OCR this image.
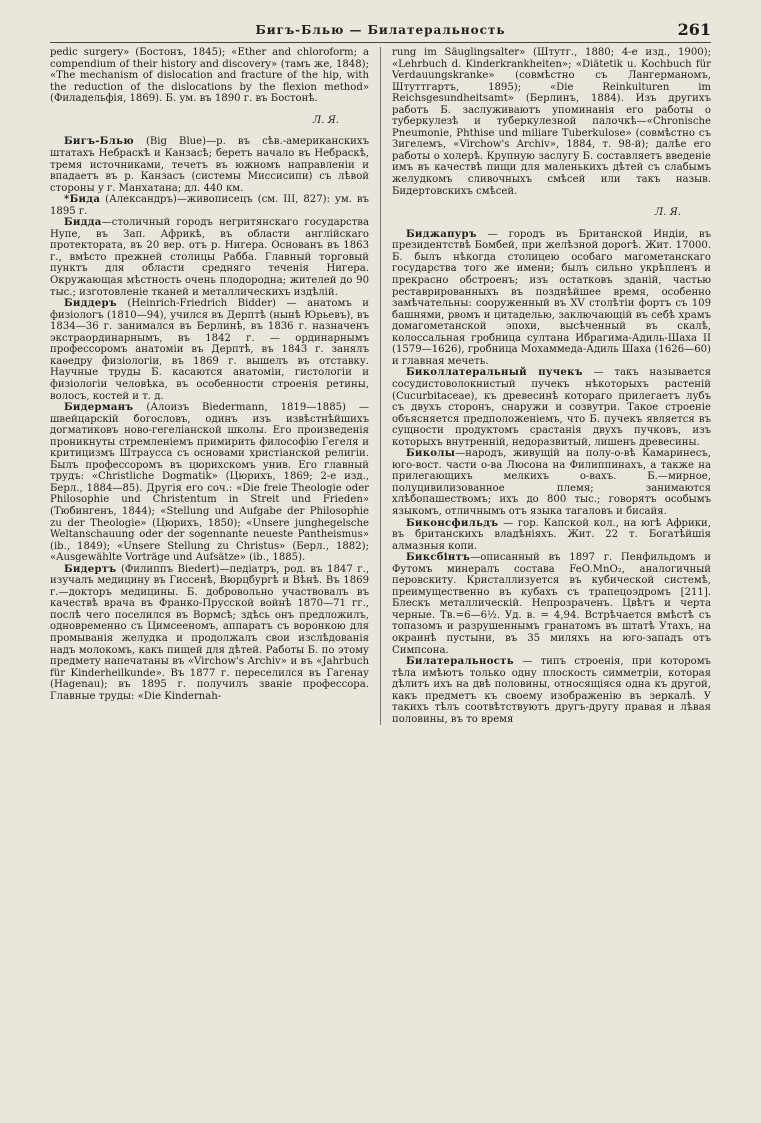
Бигъ-Блью — Билатеральность	261

pedic surgery» (Бостонъ, 1845); «Ether and chloroform; a compendium of their history and discovery» (тамъ же, 1848); «The mechanism of dislocation and fracture of the hip, with the reduction of the dislocations by the flexion method» (Филадельфія, 1869). Б. ум. въ 1890 г. въ Бостонѣ.

Л. Я.

Бигъ-Блью (Big Blue)—р. въ сѣв.-американскихъ штатахъ Небраскѣ и Канзасѣ; беретъ начало въ Небраскѣ, тремя источниками, течетъ въ южномъ направленіи и впадаетъ въ р. Канзасъ (системы Миссисипи) съ лѣвой стороны у г. Манхатана; дл. 440 км.

*Бида (Александръ)—живописецъ (см. III, 827): ум. въ 1895 г.

Бидда—столичный городъ негритянскаго государства Нупе, въ Зап. Африкѣ, въ области англійскаго протектората, въ 20 вер. отъ р. Нигера. Основанъ въ 1863 г., вмѣсто прежней столицы Рабба. Главный торговый пунктъ для области средняго теченія Нигера. Окружающая мѣстность очень плодородна; жителей до 90 тыс.; изготовленіе тканей и металлическихъ издѣлій.

Биддеръ (Heinrich-Friedrich Bidder) — анатомъ и физіологъ (1810—94), учился въ Дерптѣ (нынѣ Юрьевъ), въ 1834—36 г. занимался въ Берлинѣ, въ 1836 г. назначенъ экстраординарнымъ, въ 1842 г. — ординарнымъ профессоромъ анатоміи въ Дерптѣ, въ 1843 г. занялъ каѳедру физіологіи, въ 1869 г. вышелъ въ отставку. Научные труды Б. касаются анатоміи, гистологіи и физіологіи человѣка, въ особенности строенія ретины, волосъ, костей и т. д.

Бидерманъ (Алоизъ Biedermann, 1819—1885) — швейцарскій богословъ, одинъ изъ извѣстнѣйшихъ догматиковъ ново-гегеліанской школы. Его произведенія проникнуты стремленіемъ примирить философію Гегеля и критицизмъ Штраусса съ основами христіанской религіи. Былъ профессоромъ въ цюрихскомъ унив. Его главный трудъ: «Christliche Dogmatik» (Цюрихъ, 1869; 2-е изд., Берл., 1884—85). Другія его соч.: «Die freie Theologie oder Philosophie und Christentum in Streit und Frieden» (Тюбингенъ, 1844); «Stellung und Aufgabe der Philosophie zu der Theologie» (Цюрихъ, 1850); «Unsere junghegelsche Weltanschauung oder der sogennante neueste Pantheismus» (ib., 1849); «Unsere Stellung zu Christus» (Берл., 1882); «Ausgewählte Vorträge und Aufsätze» (ib., 1885).

Бидертъ (Филиппъ Biedert)—педіатръ, род. въ 1847 г., изучалъ медицину въ Гиссенѣ, Вюрцбургѣ и Вѣнѣ. Въ 1869 г.—докторъ медицины. Б. добровольно участвовалъ въ качествѣ врача въ Франко-Прусской войнѣ 1870—71 гг., послѣ чего поселился въ Вормсѣ; здѣсь онъ предложилъ, одновременно съ Цимсееномъ, аппаратъ съ воронкою для промыванія желудка и продолжалъ свои изслѣдованія надъ молокомъ, какъ пищей для дѣтей. Работы Б. по этому предмету напечатаны въ «Virchow's Archiv» и въ «Jahrbuch für Kinderheilkunde». Въ 1877 г. переселился въ Гагенау (Hagenau); въ 1895 г. получилъ званіе профессора. Главные труды: «Die Kindernah-

rung im Säuglingsalter» (Штутг., 1880; 4-е изд., 1900); «Lehrbuch d. Kinderkrankheiten»; «Diätetik u. Kochbuch für Verdauungskranke» (совмѣстно съ Лангерманомъ, Штуттгартъ, 1895); «Die Reinkulturen im Reichsgesundheitsamt» (Берлинъ, 1884). Изъ другихъ работъ Б. заслуживаютъ упоминанія его работы о туберкулезѣ и туберкулезной палочкѣ—«Chronische Pneumonie, Phthise und miliare Tuberkulose» (совмѣстно съ Зигелемъ, «Virchow's Archiv», 1884, т. 98-й); далѣе его работы о холерѣ. Крупную заслугу Б. составляетъ введеніе имъ въ качествѣ пищи для маленькихъ дѣтей съ слабымъ желудкомъ сливочныхъ смѣсей или такъ назыв. Бидертовскихъ смѣсей.

Л. Я.

Биджапуръ — городъ въ Британской Индіи, въ президентствѣ Бомбей, при желѣзной дорогѣ. Жит. 17000. Б. былъ нѣкогда столицею особаго магометанскаго государства того же имени; былъ сильно укрѣпленъ и прекрасно обстроенъ; изъ остатковъ зданій, частью реставрированныхъ въ позднѣйшее время, особенно замѣчательны: сооруженный въ XV столѣтіи фортъ съ 109 башнями, рвомъ и цитаделью, заключающій въ себѣ храмъ домагометанской эпохи, высѣченный въ скалѣ, колоссальная гробница султана Ибрагима-Адиль-Шаха II (1579—1626), гробница Мохаммеда-Адиль Шаха (1626—60) и главная мечеть.

Биколлатеральный пучекъ — такъ называется сосудистоволокнистый пучекъ нѣкоторыхъ растеній (Cucurbitaceae), къ древесинѣ котораго прилегаетъ лубъ съ двухъ сторонъ, снаружи и созвутри. Такое строеніе объясняется предположеніемъ, что Б. пучекъ является въ сущности продуктомъ срастанія двухъ пучковъ, изъ которыхъ внутренній, недоразвитый, лишенъ древесины.

Биколы—народъ, живущій на полу-о-вѣ Камаринесъ, юго-вост. части о-ва Люсона на Филиппинахъ, а также на прилегающихъ мелкихъ о-вахъ. Б.—мирное, полуцивилизованное племя; занимаются хлѣбопашествомъ; ихъ до 800 тыс.; говорятъ особымъ языкомъ, отличнымъ отъ языка тагаловъ и бисайя.

Биконсфильдъ — гор. Капской кол., на югѣ Африки, въ британскихъ владѣніяхъ. Жит. 22 т. Богатѣйшія алмазныя копи.

Биксбінтъ—описанный въ 1897 г. Пенфильдомъ и Футомъ минералъ состава FeO.MnO₂, аналогичный перовскиту. Кристаллизуется въ кубической системѣ, преимущественно въ кубахъ съ трапецоэдромъ [211]. Блескъ металлическій. Непрозраченъ. Цвѣтъ и черта черные. Тв.=6—6½. Уд. в. = 4,94. Встрѣчается вмѣстѣ съ топазомъ и разрушеннымъ гранатомъ въ штатѣ Утахъ, на окраинѣ пустыни, въ 35 миляхъ на юго-западъ отъ Симпсона.

Билатеральность — типъ строенія, при которомъ тѣла имѣютъ только одну плоскость симметріи, которая дѣлитъ ихъ на двѣ половины, относящіяся одна къ другой, какъ предметъ къ своему изображенію въ зеркалѣ. У такихъ тѣлъ соотвѣтствуютъ другъ-другу правая и лѣвая половины, въ то время
